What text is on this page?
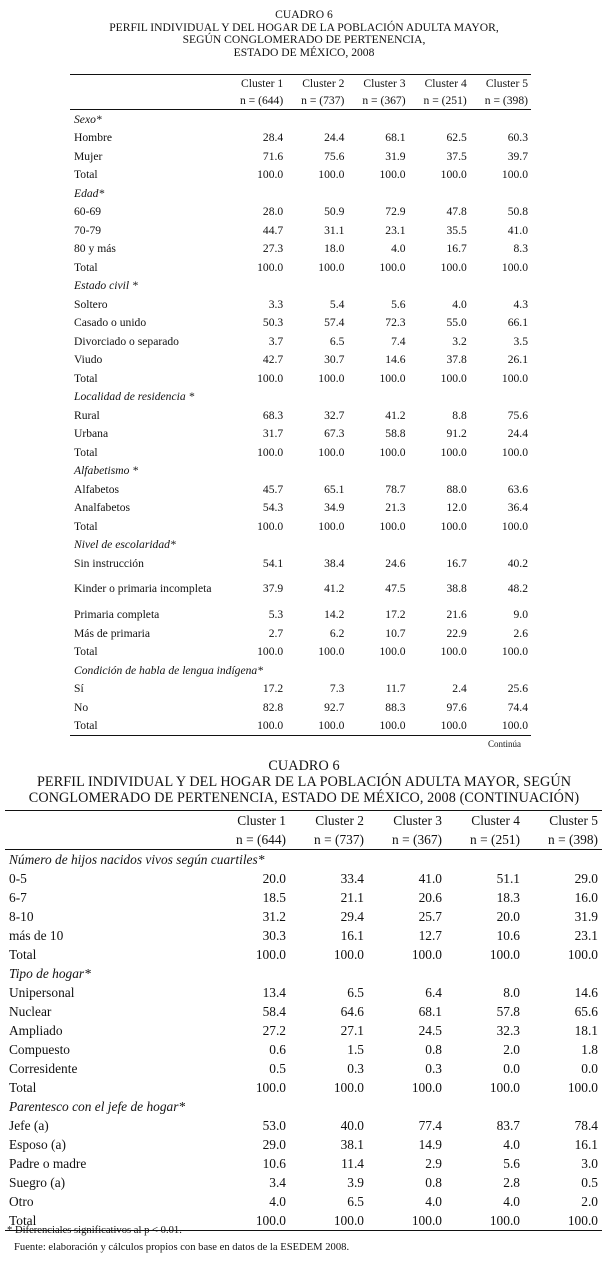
CUADRO 6
PERFIL INDIVIDUAL Y DEL HOGAR DE LA POBLACIÓN ADULTA MAYOR,
SEGÚN CONGLOMERADO DE PERTENENCIA,
ESTADO DE MÉXICO, 2008
	Cluster 1	Cluster 2	Cluster 3	Cluster 4	Cluster 5
	n = (644)	n = (737)	n = (367)	n = (251)	n = (398)
Sexo*					
Hombre	28.4	24.4	68.1	62.5	60.3
Mujer	71.6	75.6	31.9	37.5	39.7
Total	100.0	100.0	100.0	100.0	100.0
Edad*					
60-69	28.0	50.9	72.9	47.8	50.8
70-79	44.7	31.1	23.1	35.5	41.0
80 y más	27.3	18.0	4.0	16.7	8.3
Total	100.0	100.0	100.0	100.0	100.0
Estado civil *					
Soltero	3.3	5.4	5.6	4.0	4.3
Casado o unido	50.3	57.4	72.3	55.0	66.1
Divorciado o separado	3.7	6.5	7.4	3.2	3.5
Viudo	42.7	30.7	14.6	37.8	26.1
Total	100.0	100.0	100.0	100.0	100.0
Localidad de residencia *					
Rural	68.3	32.7	41.2	8.8	75.6
Urbana	31.7	67.3	58.8	91.2	24.4
Total	100.0	100.0	100.0	100.0	100.0
Alfabetismo *					
Alfabetos	45.7	65.1	78.7	88.0	63.6
Analfabetos	54.3	34.9	21.3	12.0	36.4
Total	100.0	100.0	100.0	100.0	100.0
Nivel de escolaridad*					
Sin instrucción	54.1	38.4	24.6	16.7	40.2
Kinder o primaria incompleta	37.9	41.2	47.5	38.8	48.2
Primaria completa	5.3	14.2	17.2	21.6	9.0
Más de primaria	2.7	6.2	10.7	22.9	2.6
Total	100.0	100.0	100.0	100.0	100.0
Condición de habla de lengua indígena*					
Sí	17.2	7.3	11.7	2.4	25.6
No	82.8	92.7	88.3	97.6	74.4
Total	100.0	100.0	100.0	100.0	100.0
Continúa
CUADRO 6
PERFIL INDIVIDUAL Y DEL HOGAR DE LA POBLACIÓN ADULTA MAYOR, SEGÚN
CONGLOMERADO DE PERTENENCIA, ESTADO DE MÉXICO, 2008 (CONTINUACIÓN)
	Cluster 1	Cluster 2	Cluster 3	Cluster 4	Cluster 5
	n = (644)	n = (737)	n = (367)	n = (251)	n = (398)
Número de hijos nacidos vivos según cuartiles*					
0-5	20.0	33.4	41.0	51.1	29.0
6-7	18.5	21.1	20.6	18.3	16.0
8-10	31.2	29.4	25.7	20.0	31.9
más de 10	30.3	16.1	12.7	10.6	23.1
Total	100.0	100.0	100.0	100.0	100.0
Tipo de hogar*					
Unipersonal	13.4	6.5	6.4	8.0	14.6
Nuclear	58.4	64.6	68.1	57.8	65.6
Ampliado	27.2	27.1	24.5	32.3	18.1
Compuesto	0.6	1.5	0.8	2.0	1.8
Corresidente	0.5	0.3	0.3	0.0	0.0
Total	100.0	100.0	100.0	100.0	100.0
Parentesco con el jefe de hogar*					
Jefe (a)	53.0	40.0	77.4	83.7	78.4
Esposo (a)	29.0	38.1	14.9	4.0	16.1
Padre o madre	10.6	11.4	2.9	5.6	3.0
Suegro (a)	3.4	3.9	0.8	2.8	0.5
Otro	4.0	6.5	4.0	4.0	2.0
Total	100.0	100.0	100.0	100.0	100.0
* Diferenciales significativos al p < 0.01.
Fuente: elaboración y cálculos propios con base en datos de la ESEDEM 2008.
